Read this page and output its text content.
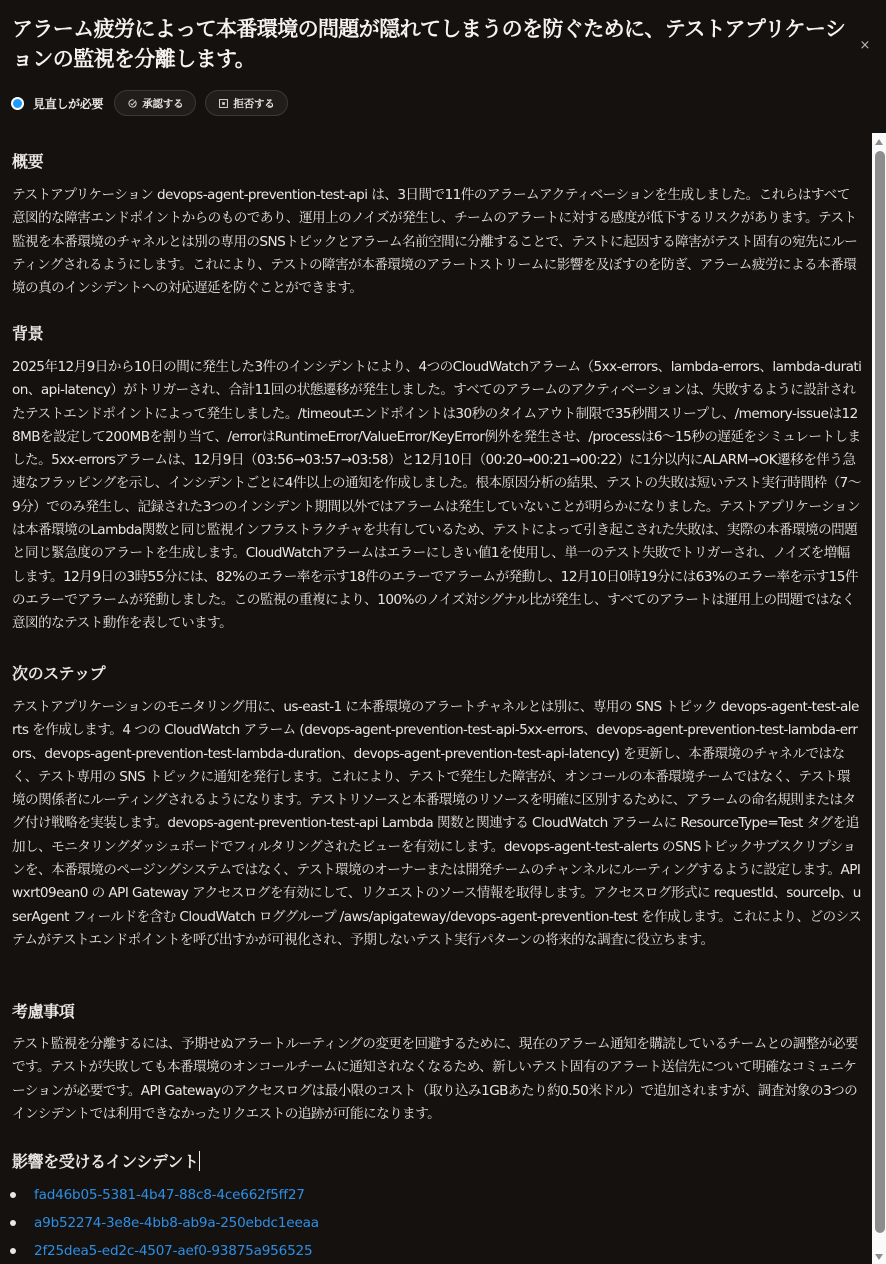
アラーム疲労によって本番環境の問題が隠れてしまうのを防ぐために、テストアプリケーションの監視を分離します。
×
見直しが必要	承認する	拒否する
概要

テストアプリケーション devops-agent-prevention-test-api は、3日間で11件のアラームアクティベーションを生成しました。これらはすべて意図的な障害エンドポイントからのものであり、運用上のノイズが発生し、チームのアラートに対する感度が低下するリスクがあります。テスト監視を本番環境のチャネルとは別の専用のSNSトピックとアラーム名前空間に分離することで、テストに起因する障害がテスト固有の宛先にルーティングされるようにします。これにより、テストの障害が本番環境のアラートストリームに影響を及ぼすのを防ぎ、アラーム疲労による本番環境の真のインシデントへの対応遅延を防ぐことができます。

背景

2025年12月9日から10日の間に発生した3件のインシデントにより、4つのCloudWatchアラーム（5xx-errors、lambda-errors、lambda-duration、api-latency）がトリガーされ、合計11回の状態遷移が発生しました。すべてのアラームのアクティベーションは、失敗するように設計されたテストエンドポイントによって発生しました。/timeoutエンドポイントは30秒のタイムアウト制限で35秒間スリープし、/memory-issueは128MBを設定して200MBを割り当て、/errorはRuntimeError/ValueError/KeyError例外を発生させ、/processは6〜15秒の遅延をシミュレートしました。5xx-errorsアラームは、12月9日（03:56→03:57→03:58）と12月10日（00:20→00:21→00:22）に1分以内にALARM→OK遷移を伴う急速なフラッピングを示し、インシデントごとに4件以上の通知を作成しました。根本原因分析の結果、テストの失敗は短いテスト実行時間枠（7〜9分）でのみ発生し、記録された3つのインシデント期間以外ではアラームは発生していないことが明らかになりました。テストアプリケーションは本番環境のLambda関数と同じ監視インフラストラクチャを共有しているため、テストによって引き起こされた失敗は、実際の本番環境の問題と同じ緊急度のアラートを生成します。CloudWatchアラームはエラーにしきい値1を使用し、単一のテスト失敗でトリガーされ、ノイズを増幅します。12月9日の3時55分には、82%のエラー率を示す18件のエラーでアラームが発動し、12月10日0時19分には63%のエラー率を示す15件のエラーでアラームが発動しました。この監視の重複により、100%のノイズ対シグナル比が発生し、すべてのアラートは運用上の問題ではなく意図的なテスト動作を表しています。

次のステップ

テストアプリケーションのモニタリング用に、us-east-1 に本番環境のアラートチャネルとは別に、専用の SNS トピック devops-agent-test-alerts を作成します。4 つの CloudWatch アラーム (devops-agent-prevention-test-api-5xx-errors、devops-agent-prevention-test-lambda-errors、devops-agent-prevention-test-lambda-duration、devops-agent-prevention-test-api-latency) を更新し、本番環境のチャネルではなく、テスト専用の SNS トピックに通知を発行します。これにより、テストで発生した障害が、オンコールの本番環境チームではなく、テスト環境の関係者にルーティングされるようになります。テストリソースと本番環境のリソースを明確に区別するために、アラームの命名規則またはタグ付け戦略を実装します。devops-agent-prevention-test-api Lambda 関数と関連する CloudWatch アラームに ResourceType=Test タグを追加し、モニタリングダッシュボードでフィルタリングされたビューを有効にします。devops-agent-test-alerts のSNSトピックサブスクリプションを、本番環境のページングシステムではなく、テスト環境のオーナーまたは開発チームのチャンネルにルーティングするように設定します。API wxrt09ean0 の API Gateway アクセスログを有効にして、リクエストのソース情報を取得します。アクセスログ形式に requestId、sourceIp、userAgent フィールドを含む CloudWatch ロググループ /aws/apigateway/devops-agent-prevention-test を作成します。これにより、どのシステムがテストエンドポイントを呼び出すかが可視化され、予期しないテスト実行パターンの将来的な調査に役立ちます。

考慮事項

テスト監視を分離するには、予期せぬアラートルーティングの変更を回避するために、現在のアラーム通知を購読しているチームとの調整が必要です。テストが失敗しても本番環境のオンコールチームに通知されなくなるため、新しいテスト固有のアラート送信先について明確なコミュニケーションが必要です。API Gatewayのアクセスログは最小限のコスト（取り込み1GBあたり約0.50米ドル）で追加されますが、調査対象の3つのインシデントでは利用できなかったリクエストの追跡が可能になります。

影響を受けるインシデント
fad46b05-5381-4b47-88c8-4ce662f5ff27
a9b52274-3e8e-4bb8-ab9a-250ebdc1eeaa
2f25dea5-ed2c-4507-aef0-93875a956525
